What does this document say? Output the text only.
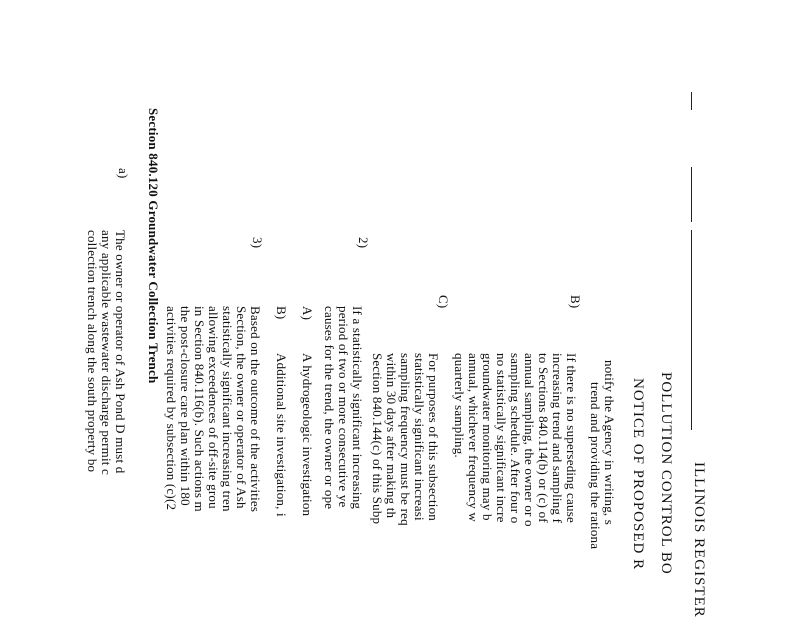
ILLINOIS REGISTER
POLLUTION CONTROL BO
NOTICE OF PROPOSED R
notify the Agency in writing, s
trend and providing the rationa
B)
If there is no superseding cause
increasing trend and sampling f
to Sections 840.114(b) or (c) of
annual sampling, the owner or o
sampling schedule. After four o
no statistically significant incre
groundwater monitoring may b
annual, whichever frequency w
quarterly sampling.
C)
For purposes of this subsection
statistically significant increasi
sampling frequency must be req
within 30 days after making th
Section 840.144(c) of this Subp
2)
If a statistically significant increasing
period of two or more consecutive ye
causes for the trend, the owner or ope
A)
A hydrogeologic investigation
B)
Additional site investigation, i
3)
Based on the outcome of the activities
Section, the owner or operator of Ash
statistically significant increasing tren
allowing exceedences of off-site grou
in Section 840.116(b). Such actions m
the post-closure care plan within 180
activities required by subsection (c)(2
Section 840.120 Groundwater Collection Trench
a)
The owner or operator of Ash Pond D must d
any applicable wastewater discharge permit c
collection trench along the south property bo
